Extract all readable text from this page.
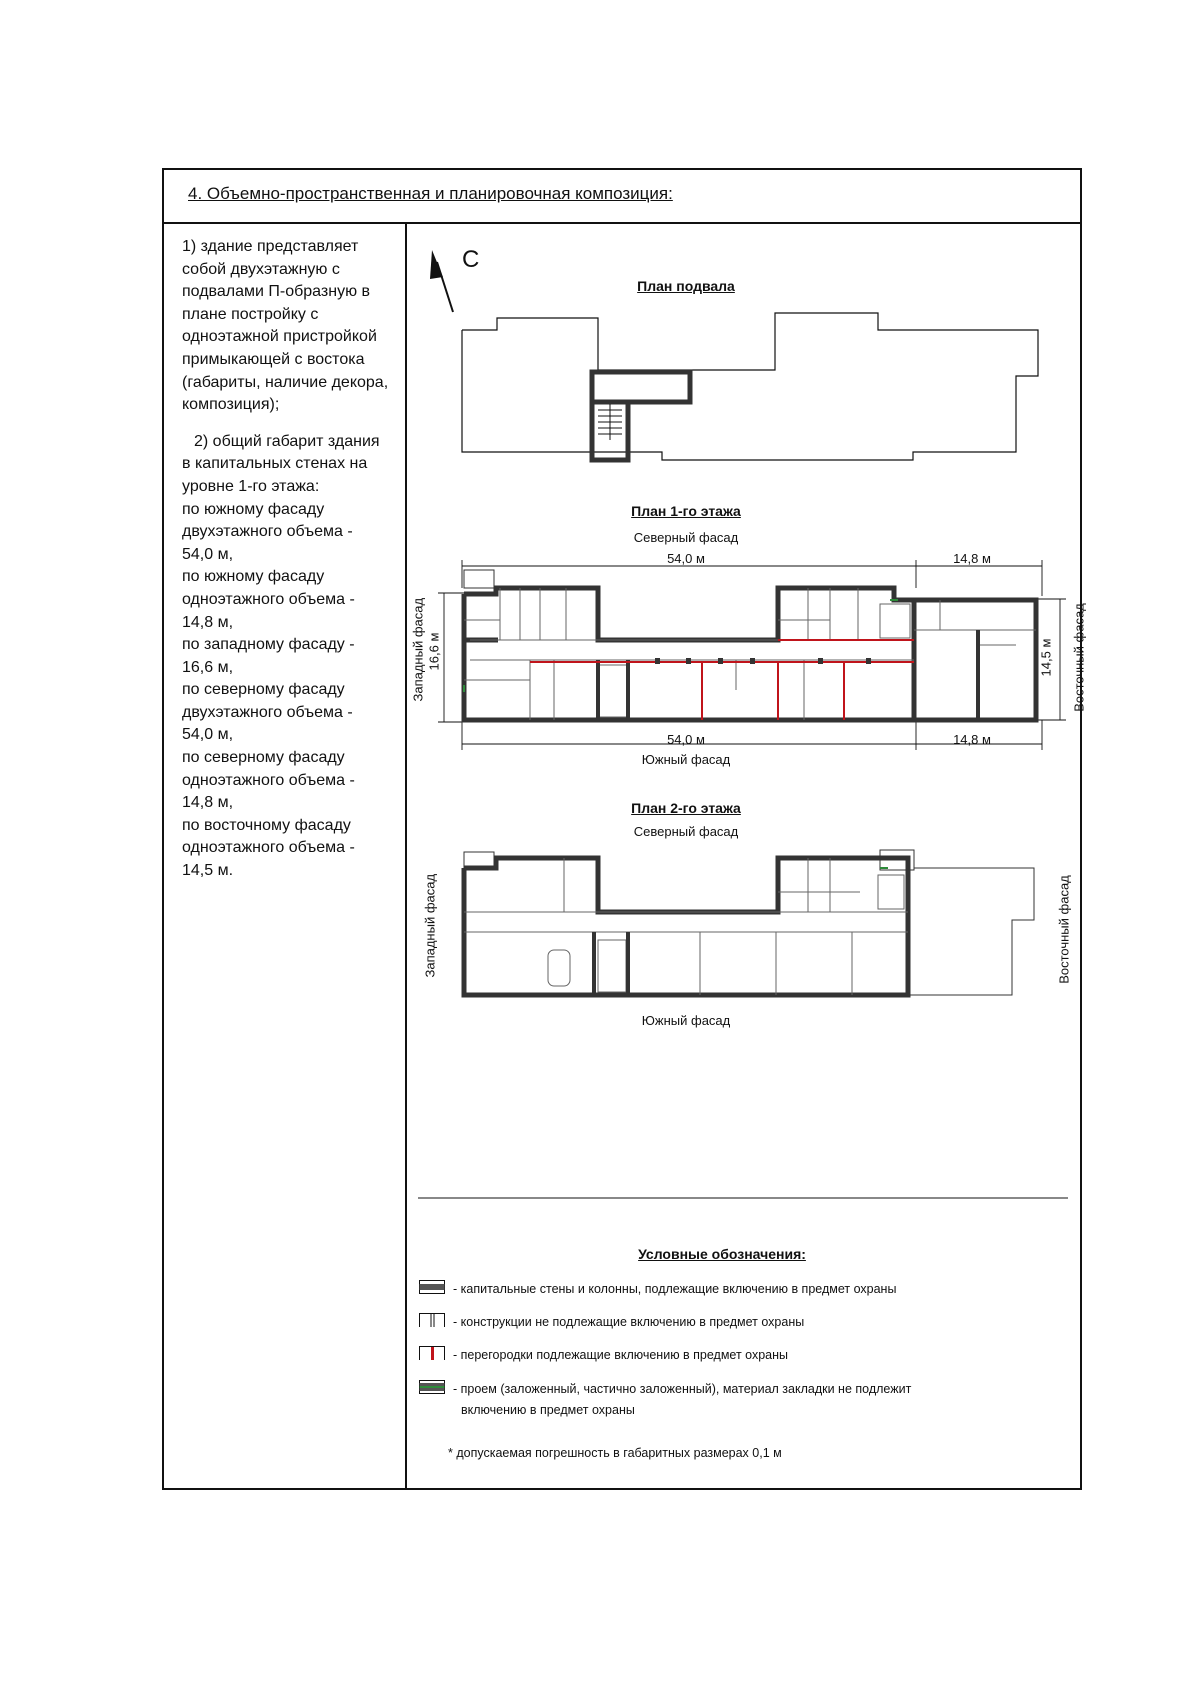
4. Объемно-пространственная и планировочная композиция:
1) здание представляет
собой двухэтажную с
подвалами П-образную в
плане постройку с
одноэтажной пристройкой
примыкающей с востока
(габариты, наличие декора,
композиция);
2) общий габарит здания
в капитальных стенах на
уровне 1-го этажа:
по южному фасаду
двухэтажного объема -
54,0 м,
по южному фасаду
одноэтажного объема -
14,8 м,
по западному фасаду -
16,6 м,
по северному фасаду
двухэтажного объема -
54,0 м,
по северному фасаду
одноэтажного объема -
14,8 м,
по восточному фасаду
одноэтажного объема -
14,5 м.
С
План подвала
План 1-го этажа
Северный фасад
54,0 м	14,8 м
54,0 м	14,8 м
Южный фасад
Западный фасад 16,6 м	14,5 м Восточный фасад
План 2-го этажа
Северный фасад
Южный фасад
Западный фасад	Восточный фасад
Условные обозначения:
- капитальные стены и колонны, подлежащие включению в предмет охраны
- конструкции не подлежащие включению в предмет охраны
- перегородки подлежащие включению в предмет охраны
- проем (заложенный, частично заложенный), материал закладки не подлежит
включению в предмет охраны
* допускаемая погрешность в габаритных размерах 0,1 м
